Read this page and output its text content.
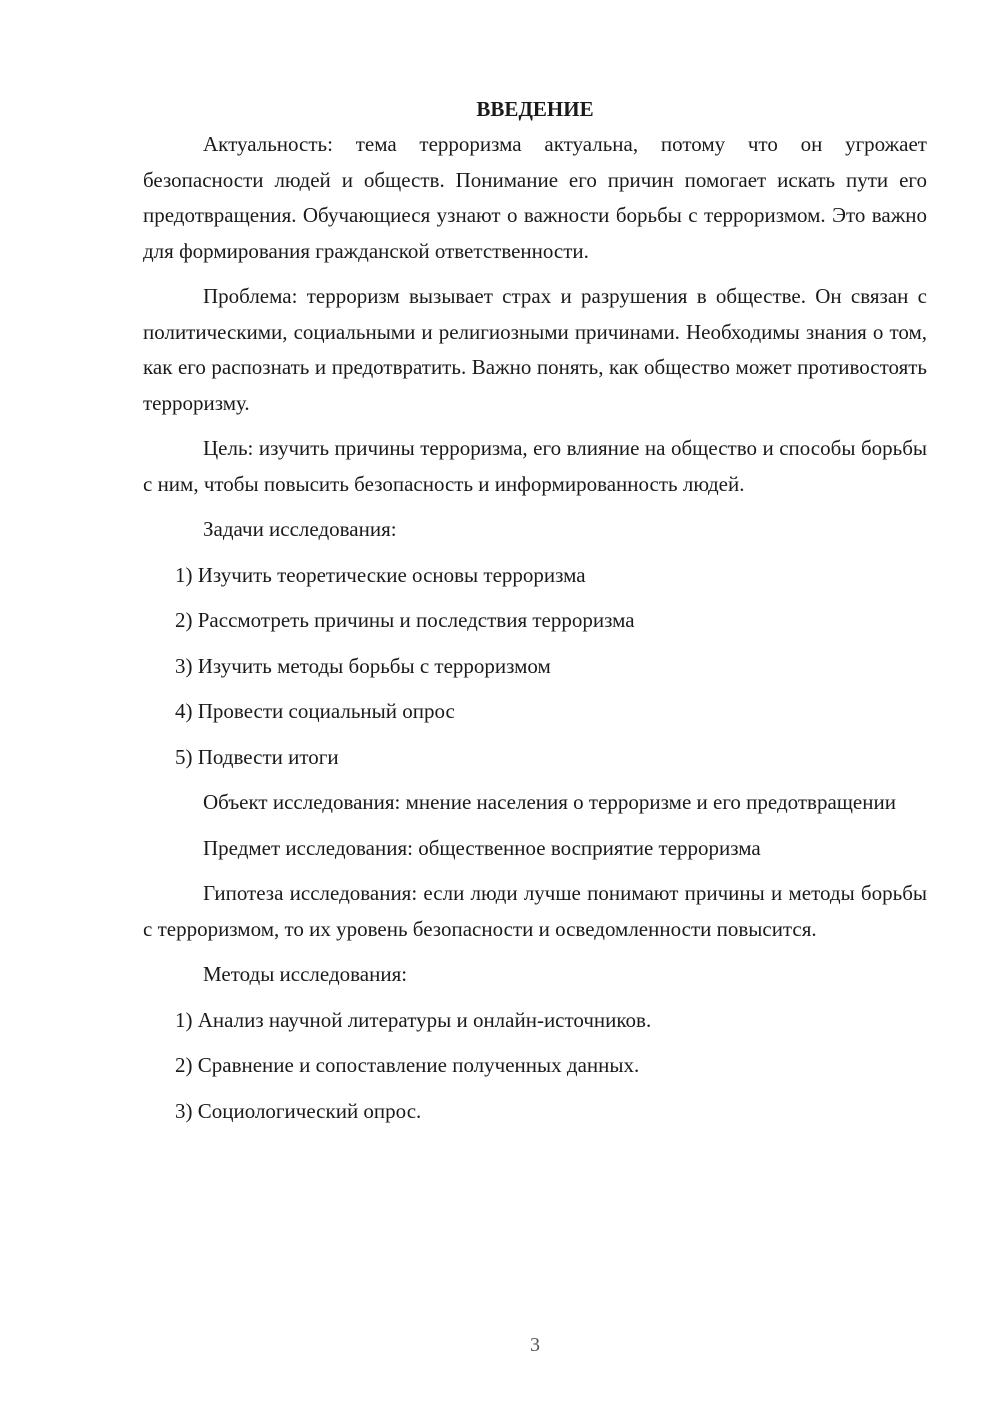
ВВЕДЕНИЕ

Актуальность: тема терроризма актуальна, потому что он угрожает безопасности людей и обществ. Понимание его причин помогает искать пути его предотвращения. Обучающиеся узнают о важности борьбы с терроризмом. Это важно для формирования гражданской ответственности.

Проблема: терроризм вызывает страх и разрушения в обществе. Он связан с политическими, социальными и религиозными причинами. Необходимы знания о том, как его распознать и предотвратить. Важно понять, как общество может противостоять терроризму.

Цель: изучить причины терроризма, его влияние на общество и способы борьбы с ним, чтобы повысить безопасность и информированность людей.

Задачи исследования:

1) Изучить теоретические основы терроризма

2) Рассмотреть причины и последствия терроризма

3) Изучить методы борьбы с терроризмом

4) Провести социальный опрос

5) Подвести итоги

Объект исследования: мнение населения о терроризме и его предотвращении

Предмет исследования: общественное восприятие терроризма

Гипотеза исследования: если люди лучше понимают причины и методы борьбы с терроризмом, то их уровень безопасности и осведомленности повысится.

Методы исследования:

1) Анализ научной литературы и онлайн-источников.

2) Сравнение и сопоставление полученных данных.

3) Социологический опрос.

3
